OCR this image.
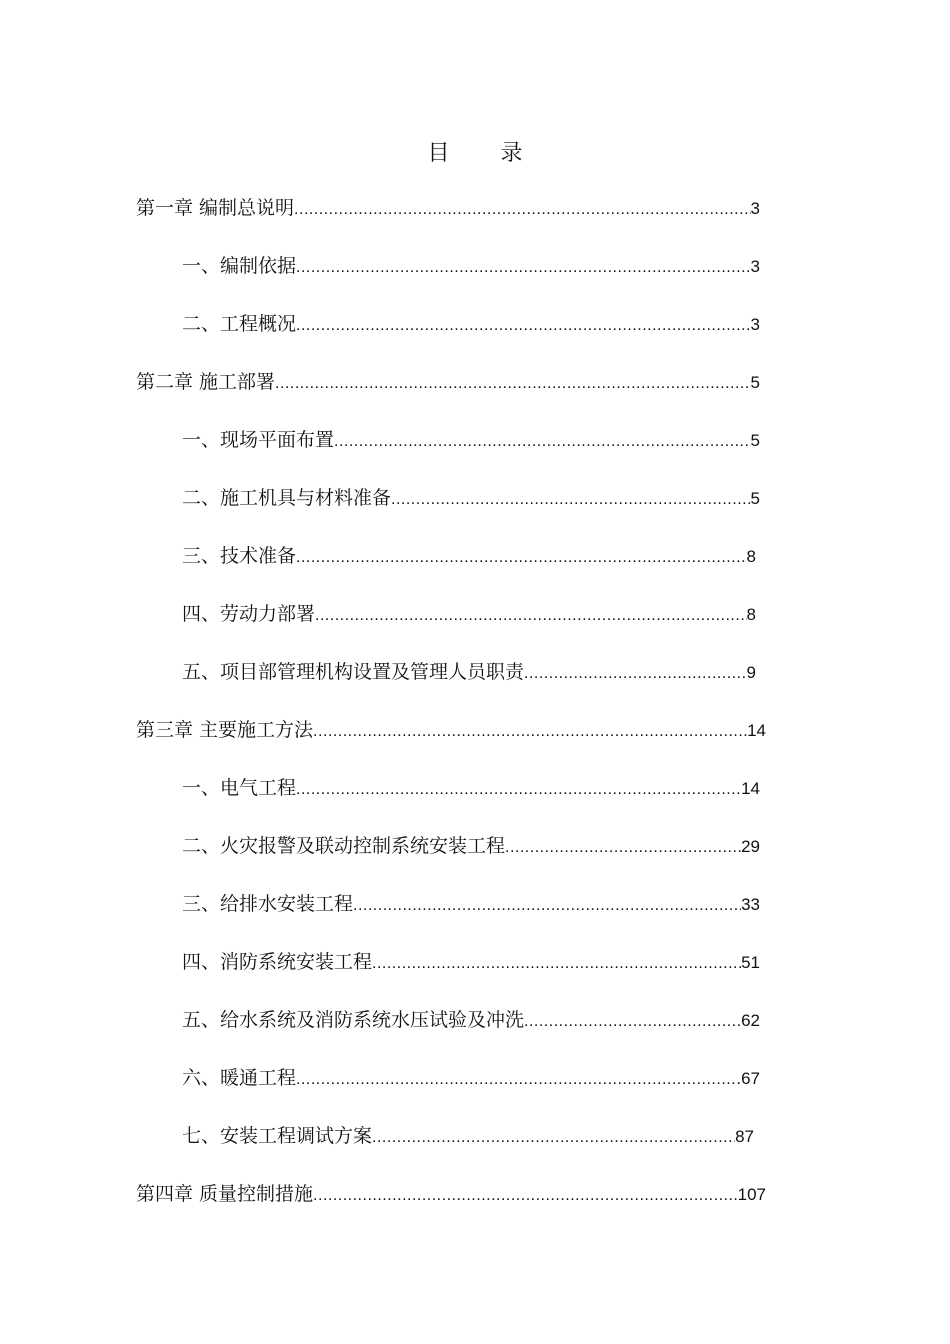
目 录
第一章 编制总说明 .....	3
一、编制依据 .....	3
二、工程概况 .....	3
第二章 施工部署 .....	5
一、现场平面布置 .....	5
二、施工机具与材料准备 .....	5
三、技术准备 .....	8
四、劳动力部署 .....	8
五、项目部管理机构设置及管理人员职责 .....	9
第三章 主要施工方法 .....	14
一、电气工程 .....	14
二、火灾报警及联动控制系统安装工程 .....	29
三、给排水安装工程 .....	33
四、消防系统安装工程 .....	51
五、给水系统及消防系统水压试验及冲洗 .....	62
六、暖通工程 .....	.67
七、安装工程调试方案 .....	87
第四章 质量控制措施 .....	107
